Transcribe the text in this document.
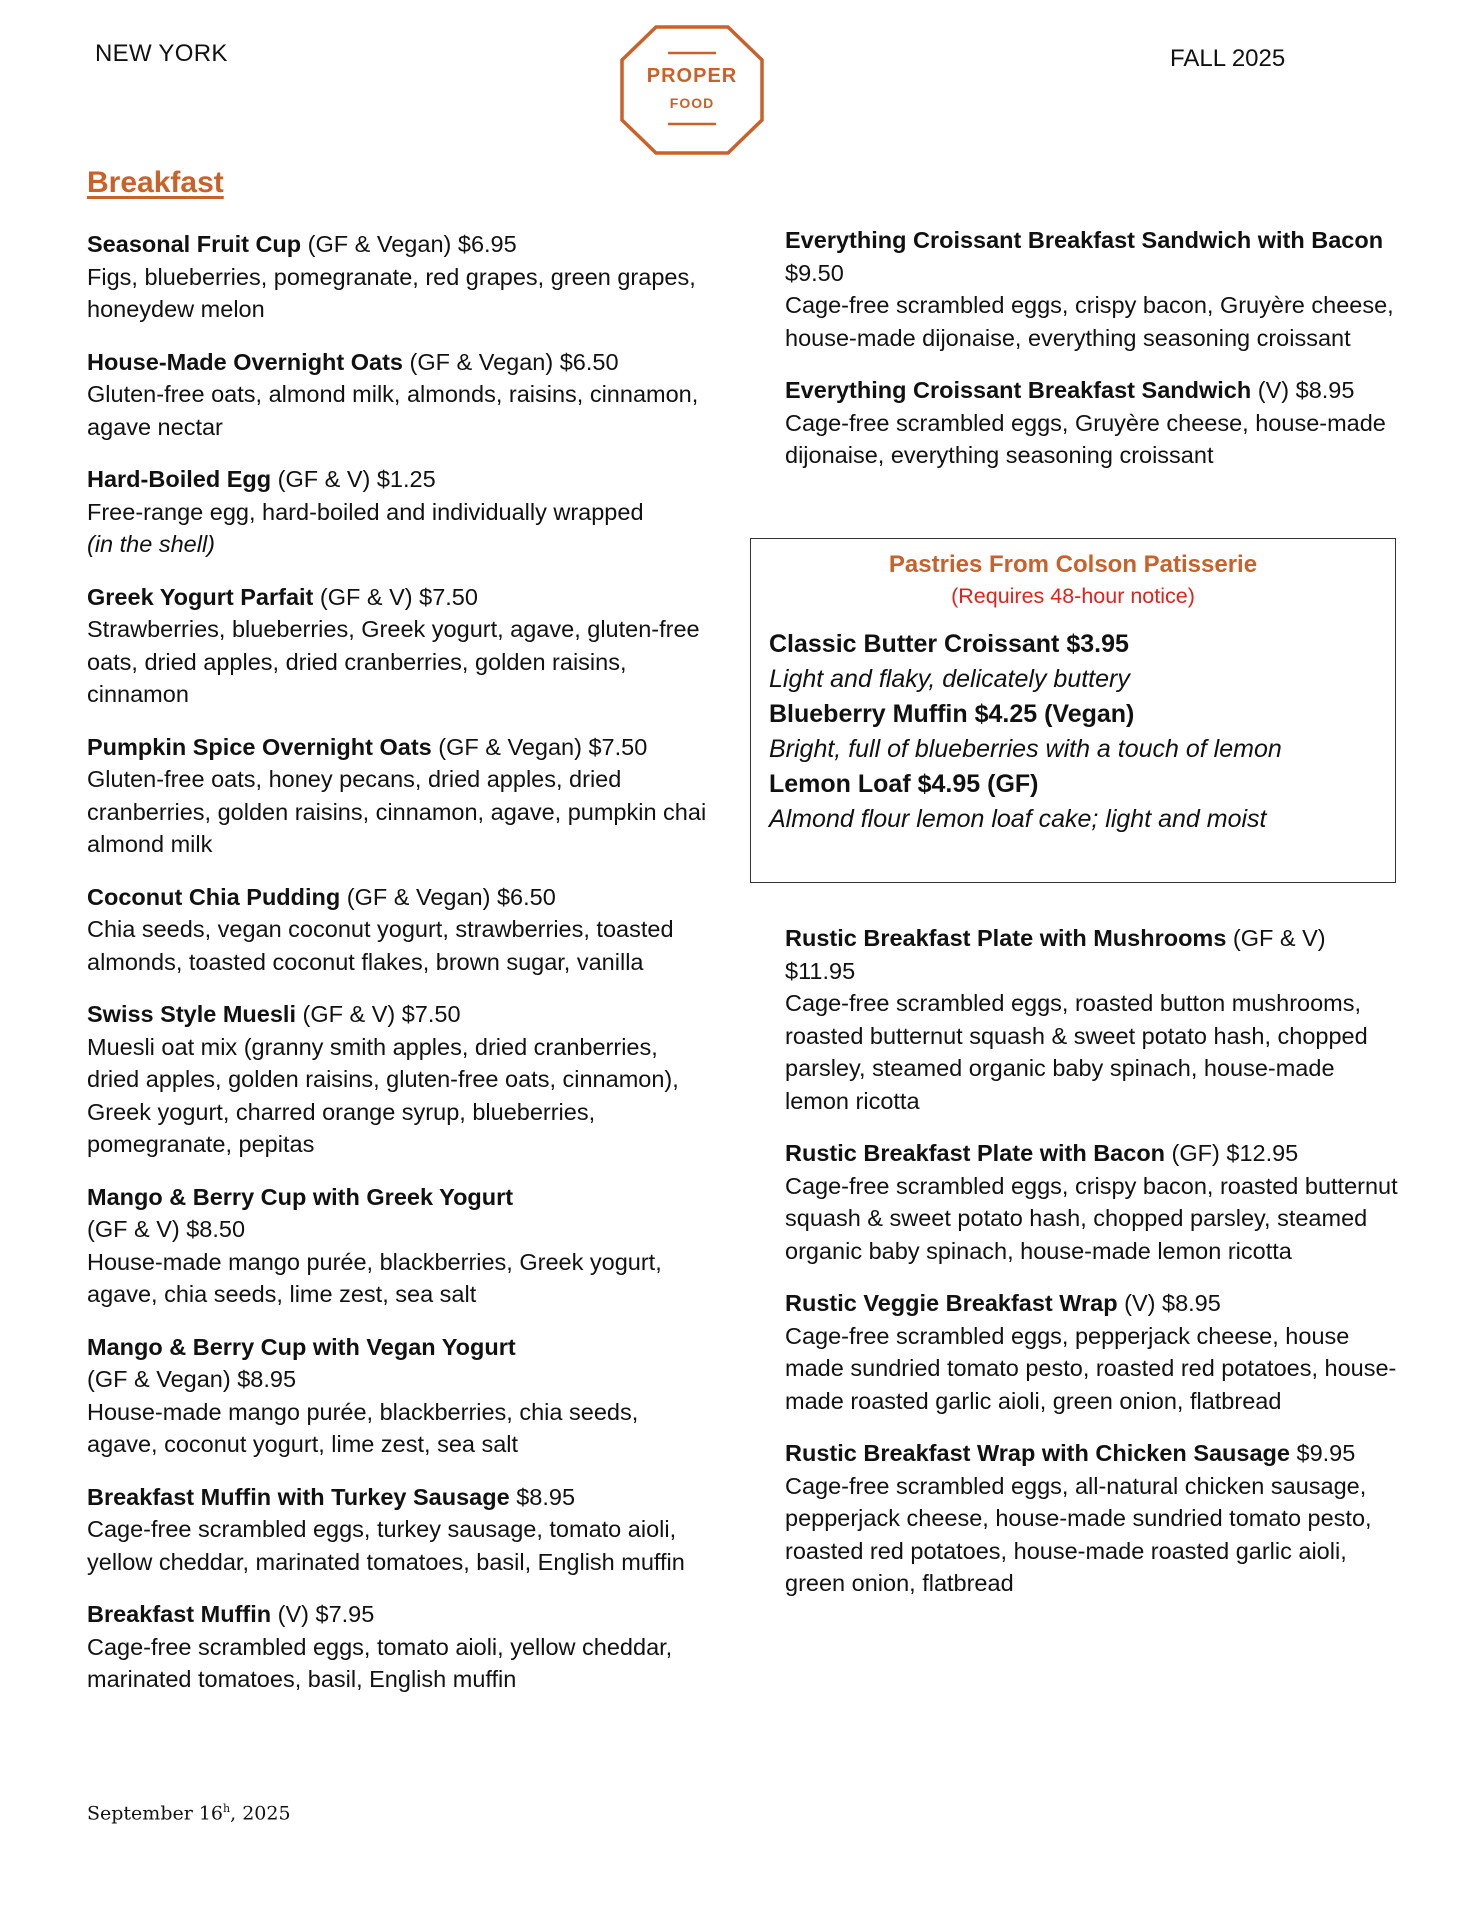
NEW YORK
PROPER
FOOD
FALL 2025
Breakfast
Seasonal Fruit Cup (GF & Vegan) $6.95
Figs, blueberries, pomegranate, red grapes, green grapes, honeydew melon
House-Made Overnight Oats (GF & Vegan) $6.50
Gluten-free oats, almond milk, almonds, raisins, cinnamon, agave nectar
Hard-Boiled Egg (GF & V) $1.25
Free-range egg, hard-boiled and individually wrapped
(in the shell)
Greek Yogurt Parfait (GF & V) $7.50
Strawberries, blueberries, Greek yogurt, agave, gluten-free oats, dried apples, dried cranberries, golden raisins, cinnamon
Pumpkin Spice Overnight Oats (GF & Vegan) $7.50
Gluten-free oats, honey pecans, dried apples, dried cranberries, golden raisins, cinnamon, agave, pumpkin chai almond milk
Coconut Chia Pudding (GF & Vegan) $6.50
Chia seeds, vegan coconut yogurt, strawberries, toasted almonds, toasted coconut flakes, brown sugar, vanilla
Swiss Style Muesli (GF & V) $7.50
Muesli oat mix (granny smith apples, dried cranberries, dried apples, golden raisins, gluten-free oats, cinnamon), Greek yogurt, charred orange syrup, blueberries, pomegranate, pepitas
Mango & Berry Cup with Greek Yogurt
(GF & V) $8.50
House-made mango purée, blackberries, Greek yogurt, agave, chia seeds, lime zest, sea salt
Mango & Berry Cup with Vegan Yogurt
(GF & Vegan) $8.95
House-made mango purée, blackberries, chia seeds, agave, coconut yogurt, lime zest, sea salt
Breakfast Muffin with Turkey Sausage $8.95
Cage-free scrambled eggs, turkey sausage, tomato aioli, yellow cheddar, marinated tomatoes, basil, English muffin
Breakfast Muffin (V) $7.95
Cage-free scrambled eggs, tomato aioli, yellow cheddar, marinated tomatoes, basil, English muffin
Everything Croissant Breakfast Sandwich with Bacon
$9.50
Cage-free scrambled eggs, crispy bacon, Gruyère cheese, house-made dijonaise, everything seasoning croissant
Everything Croissant Breakfast Sandwich (V) $8.95
Cage-free scrambled eggs, Gruyère cheese, house-made dijonaise, everything seasoning croissant
Pastries From Colson Patisserie
(Requires 48-hour notice)
Classic Butter Croissant $3.95
Light and flaky, delicately buttery
Blueberry Muffin $4.25 (Vegan)
Bright, full of blueberries with a touch of lemon
Lemon Loaf $4.95 (GF)
Almond flour lemon loaf cake; light and moist
Rustic Breakfast Plate with Mushrooms (GF & V)
$11.95
Cage-free scrambled eggs, roasted button mushrooms, roasted butternut squash & sweet potato hash, chopped parsley, steamed organic baby spinach, house-made lemon ricotta
Rustic Breakfast Plate with Bacon (GF) $12.95
Cage-free scrambled eggs, crispy bacon, roasted butternut squash & sweet potato hash, chopped parsley, steamed organic baby spinach, house-made lemon ricotta
Rustic Veggie Breakfast Wrap (V) $8.95
Cage-free scrambled eggs, pepperjack cheese, house made sundried tomato pesto, roasted red potatoes, house-made roasted garlic aioli, green onion, flatbread
Rustic Breakfast Wrap with Chicken Sausage $9.95
Cage-free scrambled eggs, all-natural chicken sausage, pepperjack cheese, house-made sundried tomato pesto, roasted red potatoes, house-made roasted garlic aioli, green onion, flatbread
September 16$^h$, 2025
